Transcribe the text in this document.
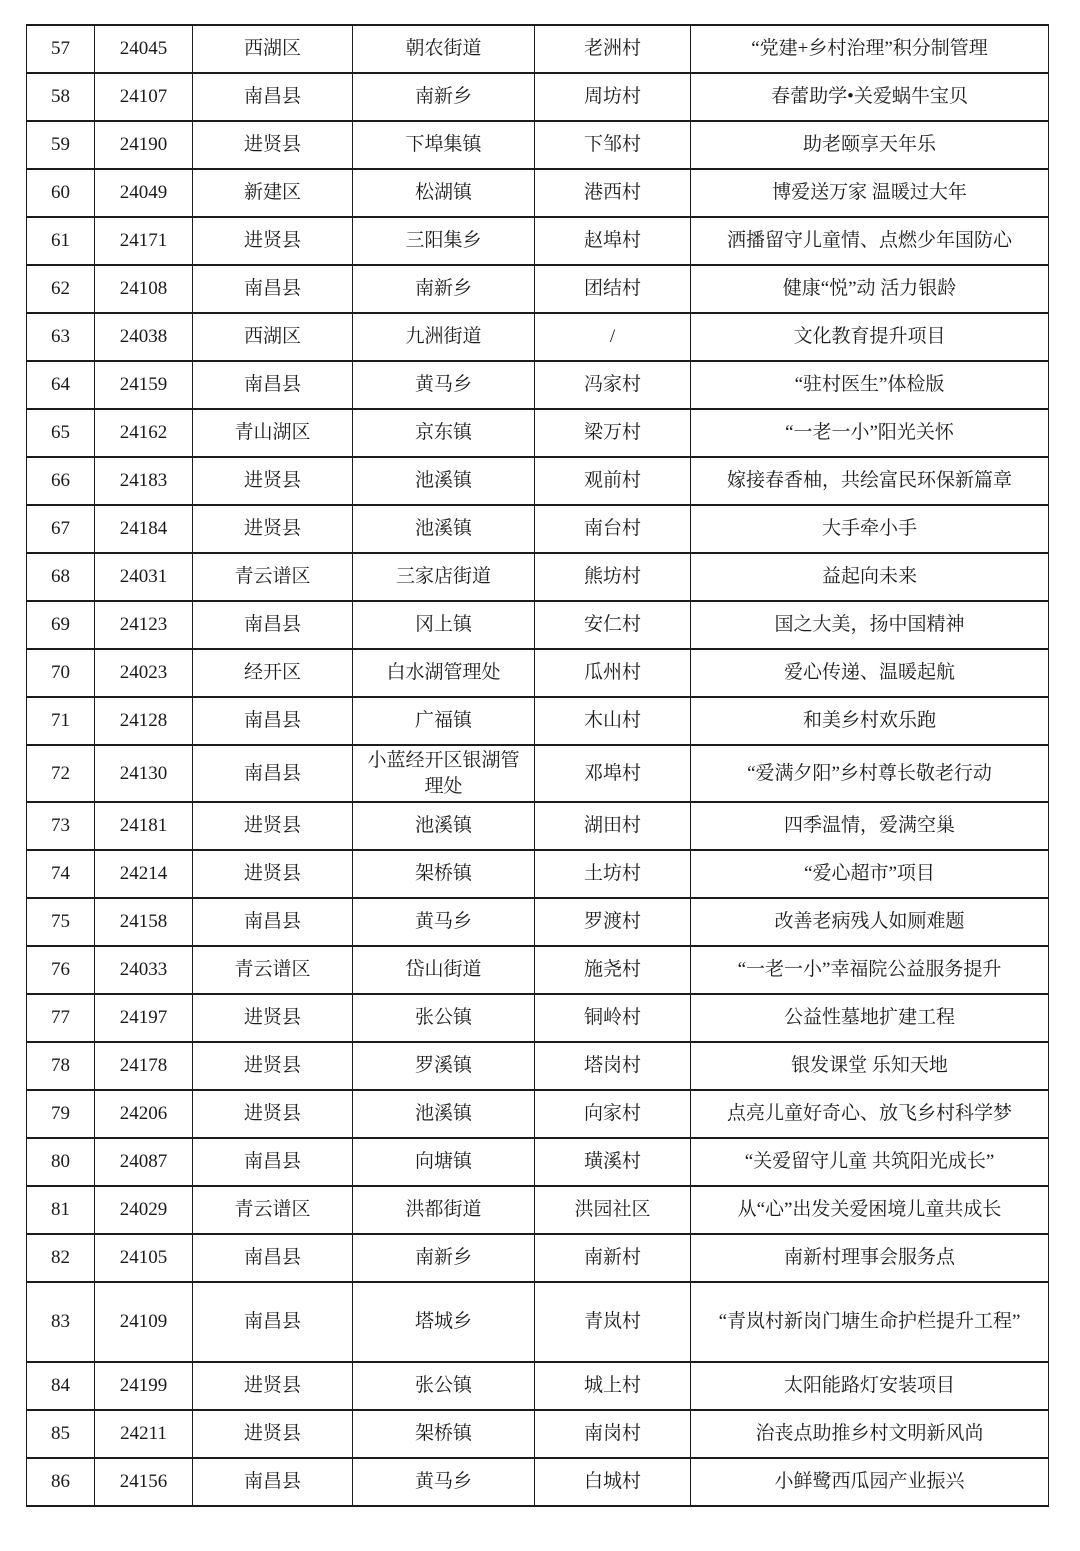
57	24045	西湖区	朝农街道	老洲村	“党建+乡村治理”积分制管理
58	24107	南昌县	南新乡	周坊村	春蕾助学•关爱蜗牛宝贝
59	24190	进贤县	下埠集镇	下邹村	助老颐享天年乐
60	24049	新建区	松湖镇	港西村	博爱送万家 温暖过大年
61	24171	进贤县	三阳集乡	赵埠村	洒播留守儿童情、点燃少年国防心
62	24108	南昌县	南新乡	团结村	健康“悦”动 活力银龄
63	24038	西湖区	九洲街道	/	文化教育提升项目
64	24159	南昌县	黄马乡	冯家村	“驻村医生”体检版
65	24162	青山湖区	京东镇	梁万村	“一老一小”阳光关怀
66	24183	进贤县	池溪镇	观前村	嫁接春香柚，共绘富民环保新篇章
67	24184	进贤县	池溪镇	南台村	大手牵小手
68	24031	青云谱区	三家店街道	熊坊村	益起向未来
69	24123	南昌县	冈上镇	安仁村	国之大美，扬中国精神
70	24023	经开区	白水湖管理处	瓜州村	爱心传递、温暖起航
71	24128	南昌县	广福镇	木山村	和美乡村欢乐跑
72	24130	南昌县	小蓝经开区银湖管理处	邓埠村	“爱满夕阳”乡村尊长敬老行动
73	24181	进贤县	池溪镇	湖田村	四季温情，爱满空巢
74	24214	进贤县	架桥镇	土坊村	“爱心超市”项目
75	24158	南昌县	黄马乡	罗渡村	改善老病残人如厕难题
76	24033	青云谱区	岱山街道	施尧村	“一老一小”幸福院公益服务提升
77	24197	进贤县	张公镇	铜岭村	公益性墓地扩建工程
78	24178	进贤县	罗溪镇	塔岗村	银发课堂 乐知天地
79	24206	进贤县	池溪镇	向家村	点亮儿童好奇心、放飞乡村科学梦
80	24087	南昌县	向塘镇	璜溪村	“关爱留守儿童 共筑阳光成长”
81	24029	青云谱区	洪都街道	洪园社区	从“心”出发关爱困境儿童共成长
82	24105	南昌县	南新乡	南新村	南新村理事会服务点
83	24109	南昌县	塔城乡	青岚村	“青岚村新岗门塘生命护栏提升工程”
84	24199	进贤县	张公镇	城上村	太阳能路灯安装项目
85	24211	进贤县	架桥镇	南岗村	治丧点助推乡村文明新风尚
86	24156	南昌县	黄马乡	白城村	小鲜鹭西瓜园产业振兴
